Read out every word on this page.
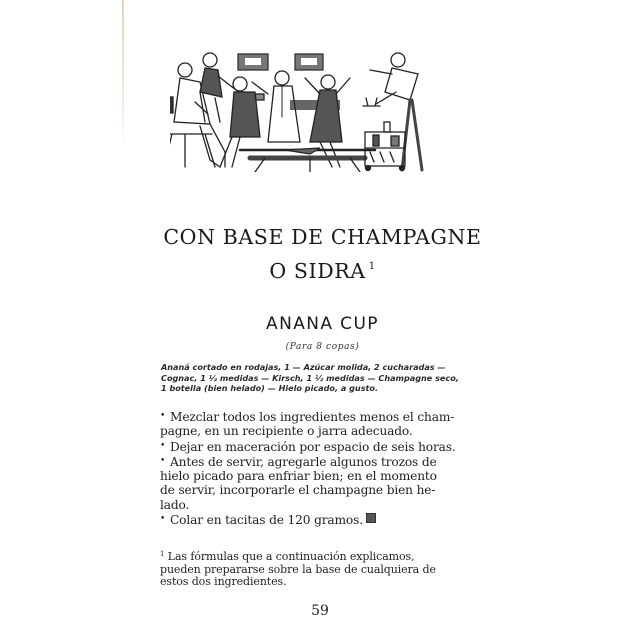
CON BASE DE CHAMPAGNE
O SIDRA $^1$
ANANA CUP
(Para 8 copas)
Ananá cortado en rodajas, 1 — Azúcar molida, 2 cucharadas —
Cognac, 1 ½ medidas — Kirsch, 1 ½ medidas — Champagne seco,
1 botella (bien helado) — Hielo picado, a gusto.
• Mezclar todos los ingredientes menos el cham-
pagne, en un recipiente o jarra adecuado.
• Dejar en maceración por espacio de seis horas.
• Antes de servir, agregarle algunos trozos de
hielo picado para enfriar bien; en el momento
de servir, incorporarle el champagne bien he-
lado.
• Colar en tacitas de 120 gramos.
$^1$ Las fórmulas que a continuación explicamos,
pueden prepararse sobre la base de cualquiera de
estos dos ingredientes.
59
